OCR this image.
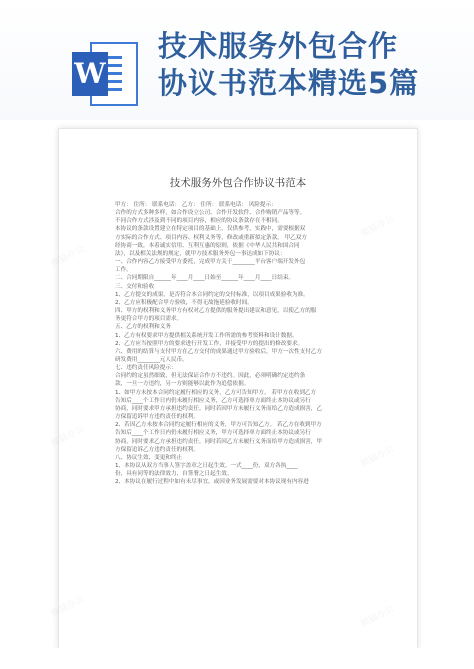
W
技术服务外包合作
协议书范本精选5篇
技术服务外包合作协议书范本

甲方： 住所： 联系电话： 乙方： 住所： 联系电话： 风险提示：

合作的方式多种多样，如合作设立公司、合作开发软件、合作购销产品等等。

不同合作方式涉及到不同的项目内容，相应的协议条款存在不相同。

本协议的条款设置建立在特定项目的基础上，仅供参考，实践中，需要根据双

方实际的合作方式、项目内容、权利义务等，修改或重新拟定条款。 甲乙双方

经协商一致，本着诚实信用、互利互惠的原则，依据《中华人民共和国合同

法》，以及相关法规的规定，就甲方技术服务外包一事达成如下协议：

一、合作内容乙方接受甲方委托，完成甲方关于________平台客户端开发外包

工作。

二、合同期限自______年____月____日始至______年____月____日结束。

三、交付和验收

1、乙方提交的成果，是否符合本合同约定的交付标准，以项目成果验收为准。

2、乙方应积极配合甲方验收，不得无故拖延验收时间。

四、甲方的权利和义务甲方有权对乙方提供的服务提出建议和意见，以使乙方的服

务更符合甲方的项目需求。

五、乙方的权利和义务

1、乙方有权要求甲方提供相关系统开发工作所需的参考资料和设计数据。

2、乙方应当按照甲方的要求进行开发工作，并接受甲方的提出的修改要求。

六、费用的结算与支付甲方在乙方交付的成果通过甲方验收后，甲方一次性支付乙方

研发费用________元人民币。

七、违约责任风险提示：

合同约的定虽然细致，但无法保证合作方不违约。因此，必须明确约定违约条

款，一旦一方违约，另一方则能够以此作为追偿依据。

1、如甲方未按本合同约定履行相应的义务，乙方可告知甲方。 若甲方在收到乙方

告知后____个工作日内仍未履行相应义务，乙方可选择单方面终止本协议或另行

协商，同时要求甲方承担违约责任。同时若因甲方未履行义务而给乙方造成损害，乙

方保留追诉甲方违约责任的权利。

2、若因乙方未按本合同约定履行相应的义务，甲方可告知乙方。 若乙方在收到甲方

告知后____个工作日内仍未履行相应义务，甲方可选择单方面终止本协议或另行

协商，同时要求乙方承担违约责任。同时若因乙方未履行义务而给甲方造成损害，甲

方保留追诉乙方违约责任的权利。

八、协议生效、变更和终止

1、本协议从双方当事人签字盖章之日起生效。一式____份，双方各执____

份，具有同等的法律效力，自签署之日起生效。

2、本协议在履行过程中如有未尽事宜，或因业务发展需要对本协议现有内容进

熊猫办公
熊猫办公
熊猫办公
熊猫办公
熊猫办公	熊猫办公
